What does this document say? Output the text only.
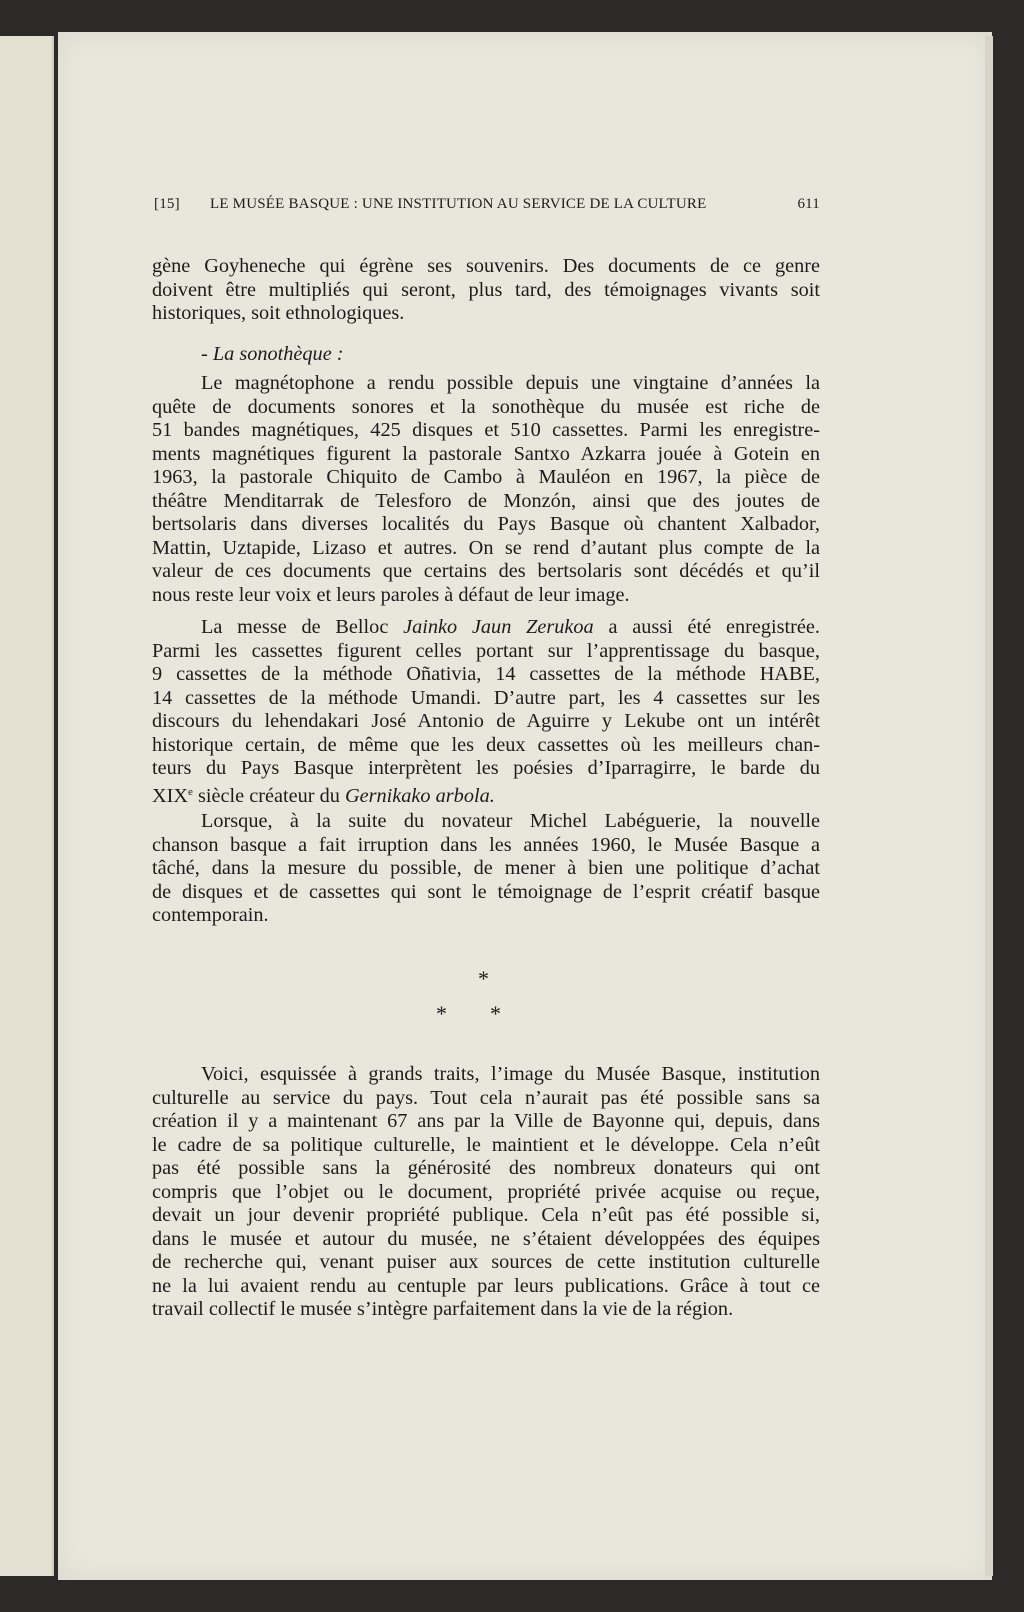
[15] LE MUSÉE BASQUE : UNE INSTITUTION AU SERVICE DE LA CULTURE	611
gène Goyheneche qui égrène ses souvenirs. Des documents de ce genre
doivent être multipliés qui seront, plus tard, des témoignages vivants soit
historiques, soit ethnologiques.
- La sonothèque :
Le magnétophone a rendu possible depuis une vingtaine d’années la
quête de documents sonores et la sonothèque du musée est riche de
51 bandes magnétiques, 425 disques et 510 cassettes. Parmi les enregistre-
ments magnétiques figurent la pastorale Santxo Azkarra jouée à Gotein en
1963, la pastorale Chiquito de Cambo à Mauléon en 1967, la pièce de
théâtre Menditarrak de Telesforo de Monzón, ainsi que des joutes de
bertsolaris dans diverses localités du Pays Basque où chantent Xalbador,
Mattin, Uztapide, Lizaso et autres. On se rend d’autant plus compte de la
valeur de ces documents que certains des bertsolaris sont décédés et qu’il
nous reste leur voix et leurs paroles à défaut de leur image.
La messe de Belloc Jainko Jaun Zerukoa a aussi été enregistrée.
Parmi les cassettes figurent celles portant sur l’apprentissage du basque,
9 cassettes de la méthode Oñativia, 14 cassettes de la méthode HABE,
14 cassettes de la méthode Umandi. D’autre part, les 4 cassettes sur les
discours du lehendakari José Antonio de Aguirre y Lekube ont un intérêt
historique certain, de même que les deux cassettes où les meilleurs chan-
teurs du Pays Basque interprètent les poésies d’Iparragirre, le barde du
XIXe siècle créateur du Gernikako arbola.
Lorsque, à la suite du novateur Michel Labéguerie, la nouvelle
chanson basque a fait irruption dans les années 1960, le Musée Basque a
tâché, dans la mesure du possible, de mener à bien une politique d’achat
de disques et de cassettes qui sont le témoignage de l’esprit créatif basque
contemporain.
*
* *
Voici, esquissée à grands traits, l’image du Musée Basque, institution
culturelle au service du pays. Tout cela n’aurait pas été possible sans sa
création il y a maintenant 67 ans par la Ville de Bayonne qui, depuis, dans
le cadre de sa politique culturelle, le maintient et le développe. Cela n’eût
pas été possible sans la générosité des nombreux donateurs qui ont
compris que l’objet ou le document, propriété privée acquise ou reçue,
devait un jour devenir propriété publique. Cela n’eût pas été possible si,
dans le musée et autour du musée, ne s’étaient développées des équipes
de recherche qui, venant puiser aux sources de cette institution culturelle
ne la lui avaient rendu au centuple par leurs publications. Grâce à tout ce
travail collectif le musée s’intègre parfaitement dans la vie de la région.
